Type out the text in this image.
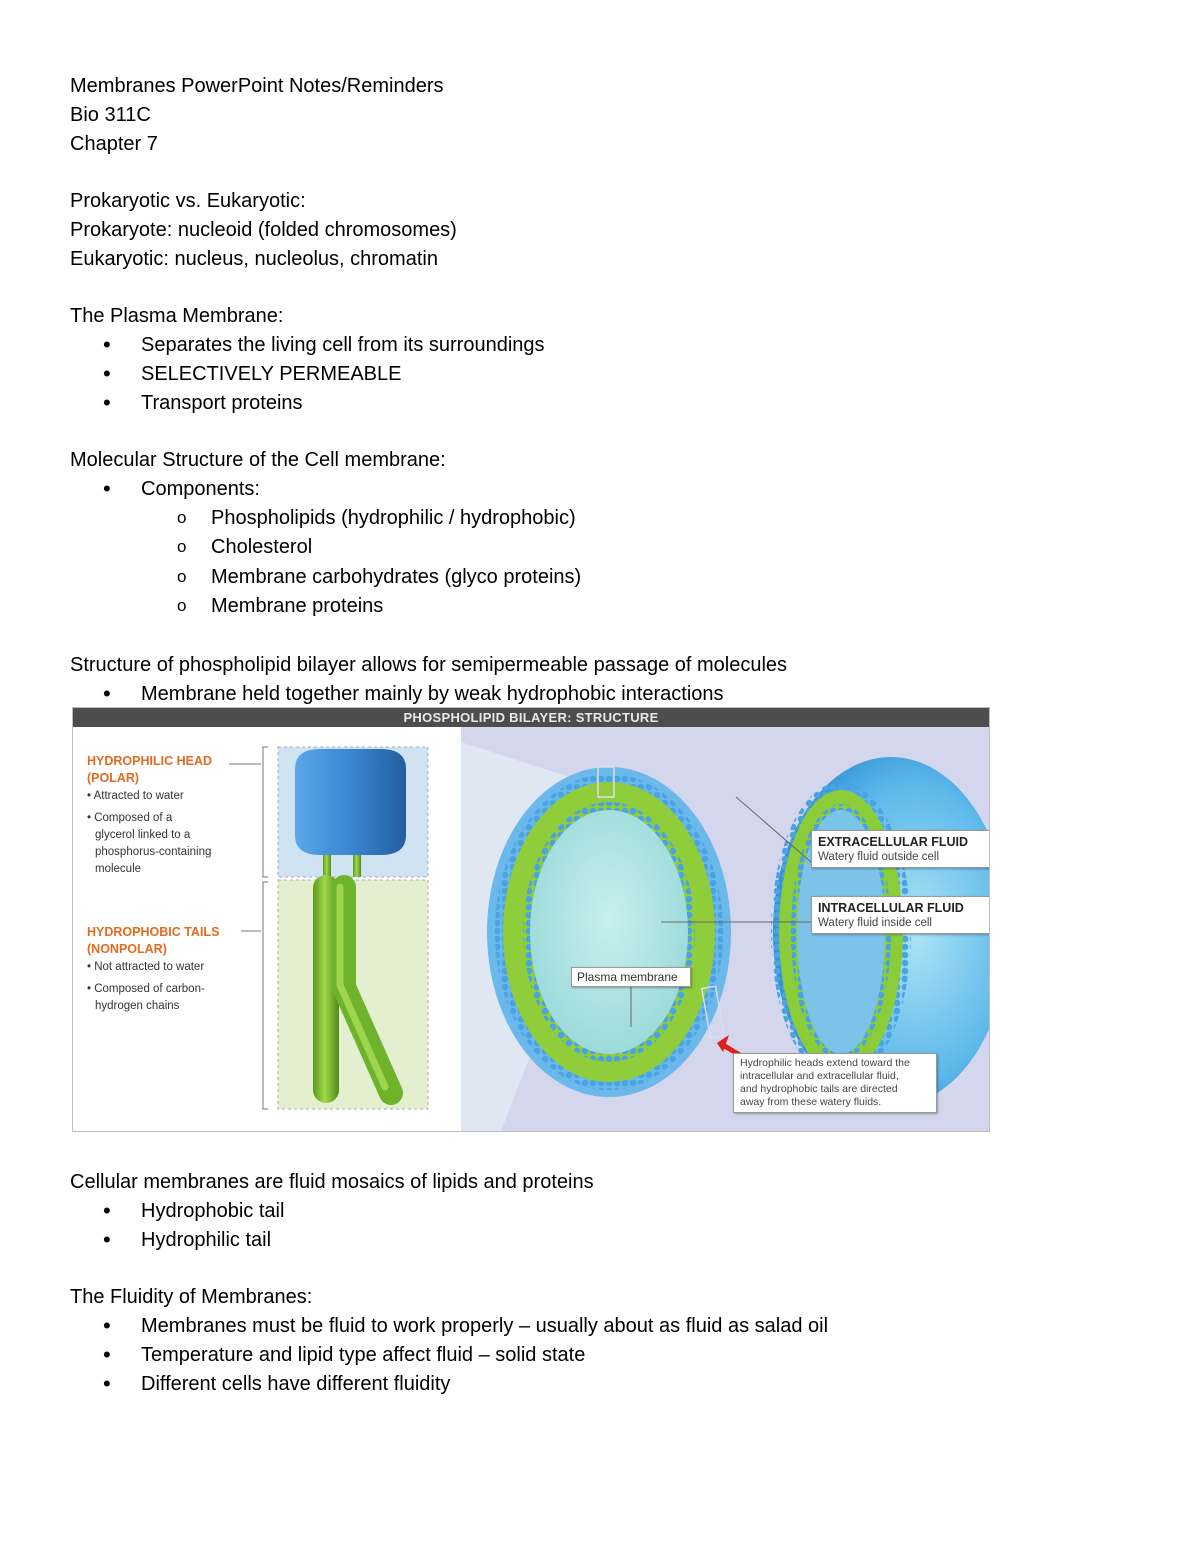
Membranes PowerPoint Notes/Reminders
Bio 311C
Chapter 7
Prokaryotic vs. Eukaryotic:
Prokaryote: nucleoid (folded chromosomes)
Eukaryotic: nucleus, nucleolus, chromatin
The Plasma Membrane:
• Separates the living cell from its surroundings
• SELECTIVELY PERMEABLE
• Transport proteins
Molecular Structure of the Cell membrane:
• Components:
o Phospholipids (hydrophilic / hydrophobic)
o Cholesterol
o Membrane carbohydrates (glyco proteins)
o Membrane proteins
Structure of phospholipid bilayer allows for semipermeable passage of molecules
• Membrane held together mainly by weak hydrophobic interactions
PHOSPHOLIPID BILAYER: STRUCTURE
HYDROPHILIC HEAD
(POLAR)
• Attracted to water
• Composed of a
glycerol linked to a
phosphorus-containing
molecule
HYDROPHOBIC TAILS
(NONPOLAR)
• Not attracted to water
• Composed of carbon-
hydrogen chains
EXTRACELLULAR FLUID
Watery fluid outside cell
INTRACELLULAR FLUID
Watery fluid inside cell
Plasma membrane
Hydrophilic heads extend toward the
intracellular and extracellular fluid,
and hydrophobic tails are directed
away from these watery fluids.
Cellular membranes are fluid mosaics of lipids and proteins
• Hydrophobic tail
• Hydrophilic tail
The Fluidity of Membranes:
• Membranes must be fluid to work properly – usually about as fluid as salad oil
• Temperature and lipid type affect fluid – solid state
• Different cells have different fluidity
